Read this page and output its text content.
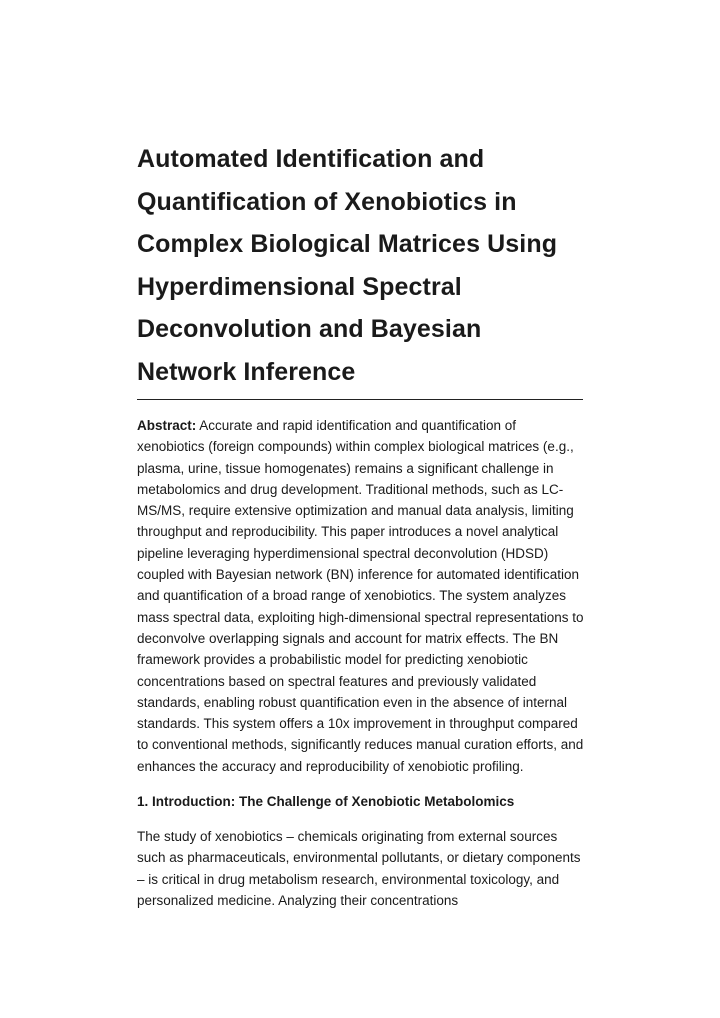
Automated Identification and Quantification of Xenobiotics in Complex Biological Matrices Using Hyperdimensional Spectral Deconvolution and Bayesian Network Inference

Abstract: Accurate and rapid identification and quantification of xenobiotics (foreign compounds) within complex biological matrices (e.g., plasma, urine, tissue homogenates) remains a significant challenge in metabolomics and drug development. Traditional methods, such as LC-MS/MS, require extensive optimization and manual data analysis, limiting throughput and reproducibility. This paper introduces a novel analytical pipeline leveraging hyperdimensional spectral deconvolution (HDSD) coupled with Bayesian network (BN) inference for automated identification and quantification of a broad range of xenobiotics. The system analyzes mass spectral data, exploiting high-dimensional spectral representations to deconvolve overlapping signals and account for matrix effects. The BN framework provides a probabilistic model for predicting xenobiotic concentrations based on spectral features and previously validated standards, enabling robust quantification even in the absence of internal standards. This system offers a 10x improvement in throughput compared to conventional methods, significantly reduces manual curation efforts, and enhances the accuracy and reproducibility of xenobiotic profiling.

1. Introduction: The Challenge of Xenobiotic Metabolomics

The study of xenobiotics – chemicals originating from external sources such as pharmaceuticals, environmental pollutants, or dietary components – is critical in drug metabolism research, environmental toxicology, and personalized medicine. Analyzing their concentrations
